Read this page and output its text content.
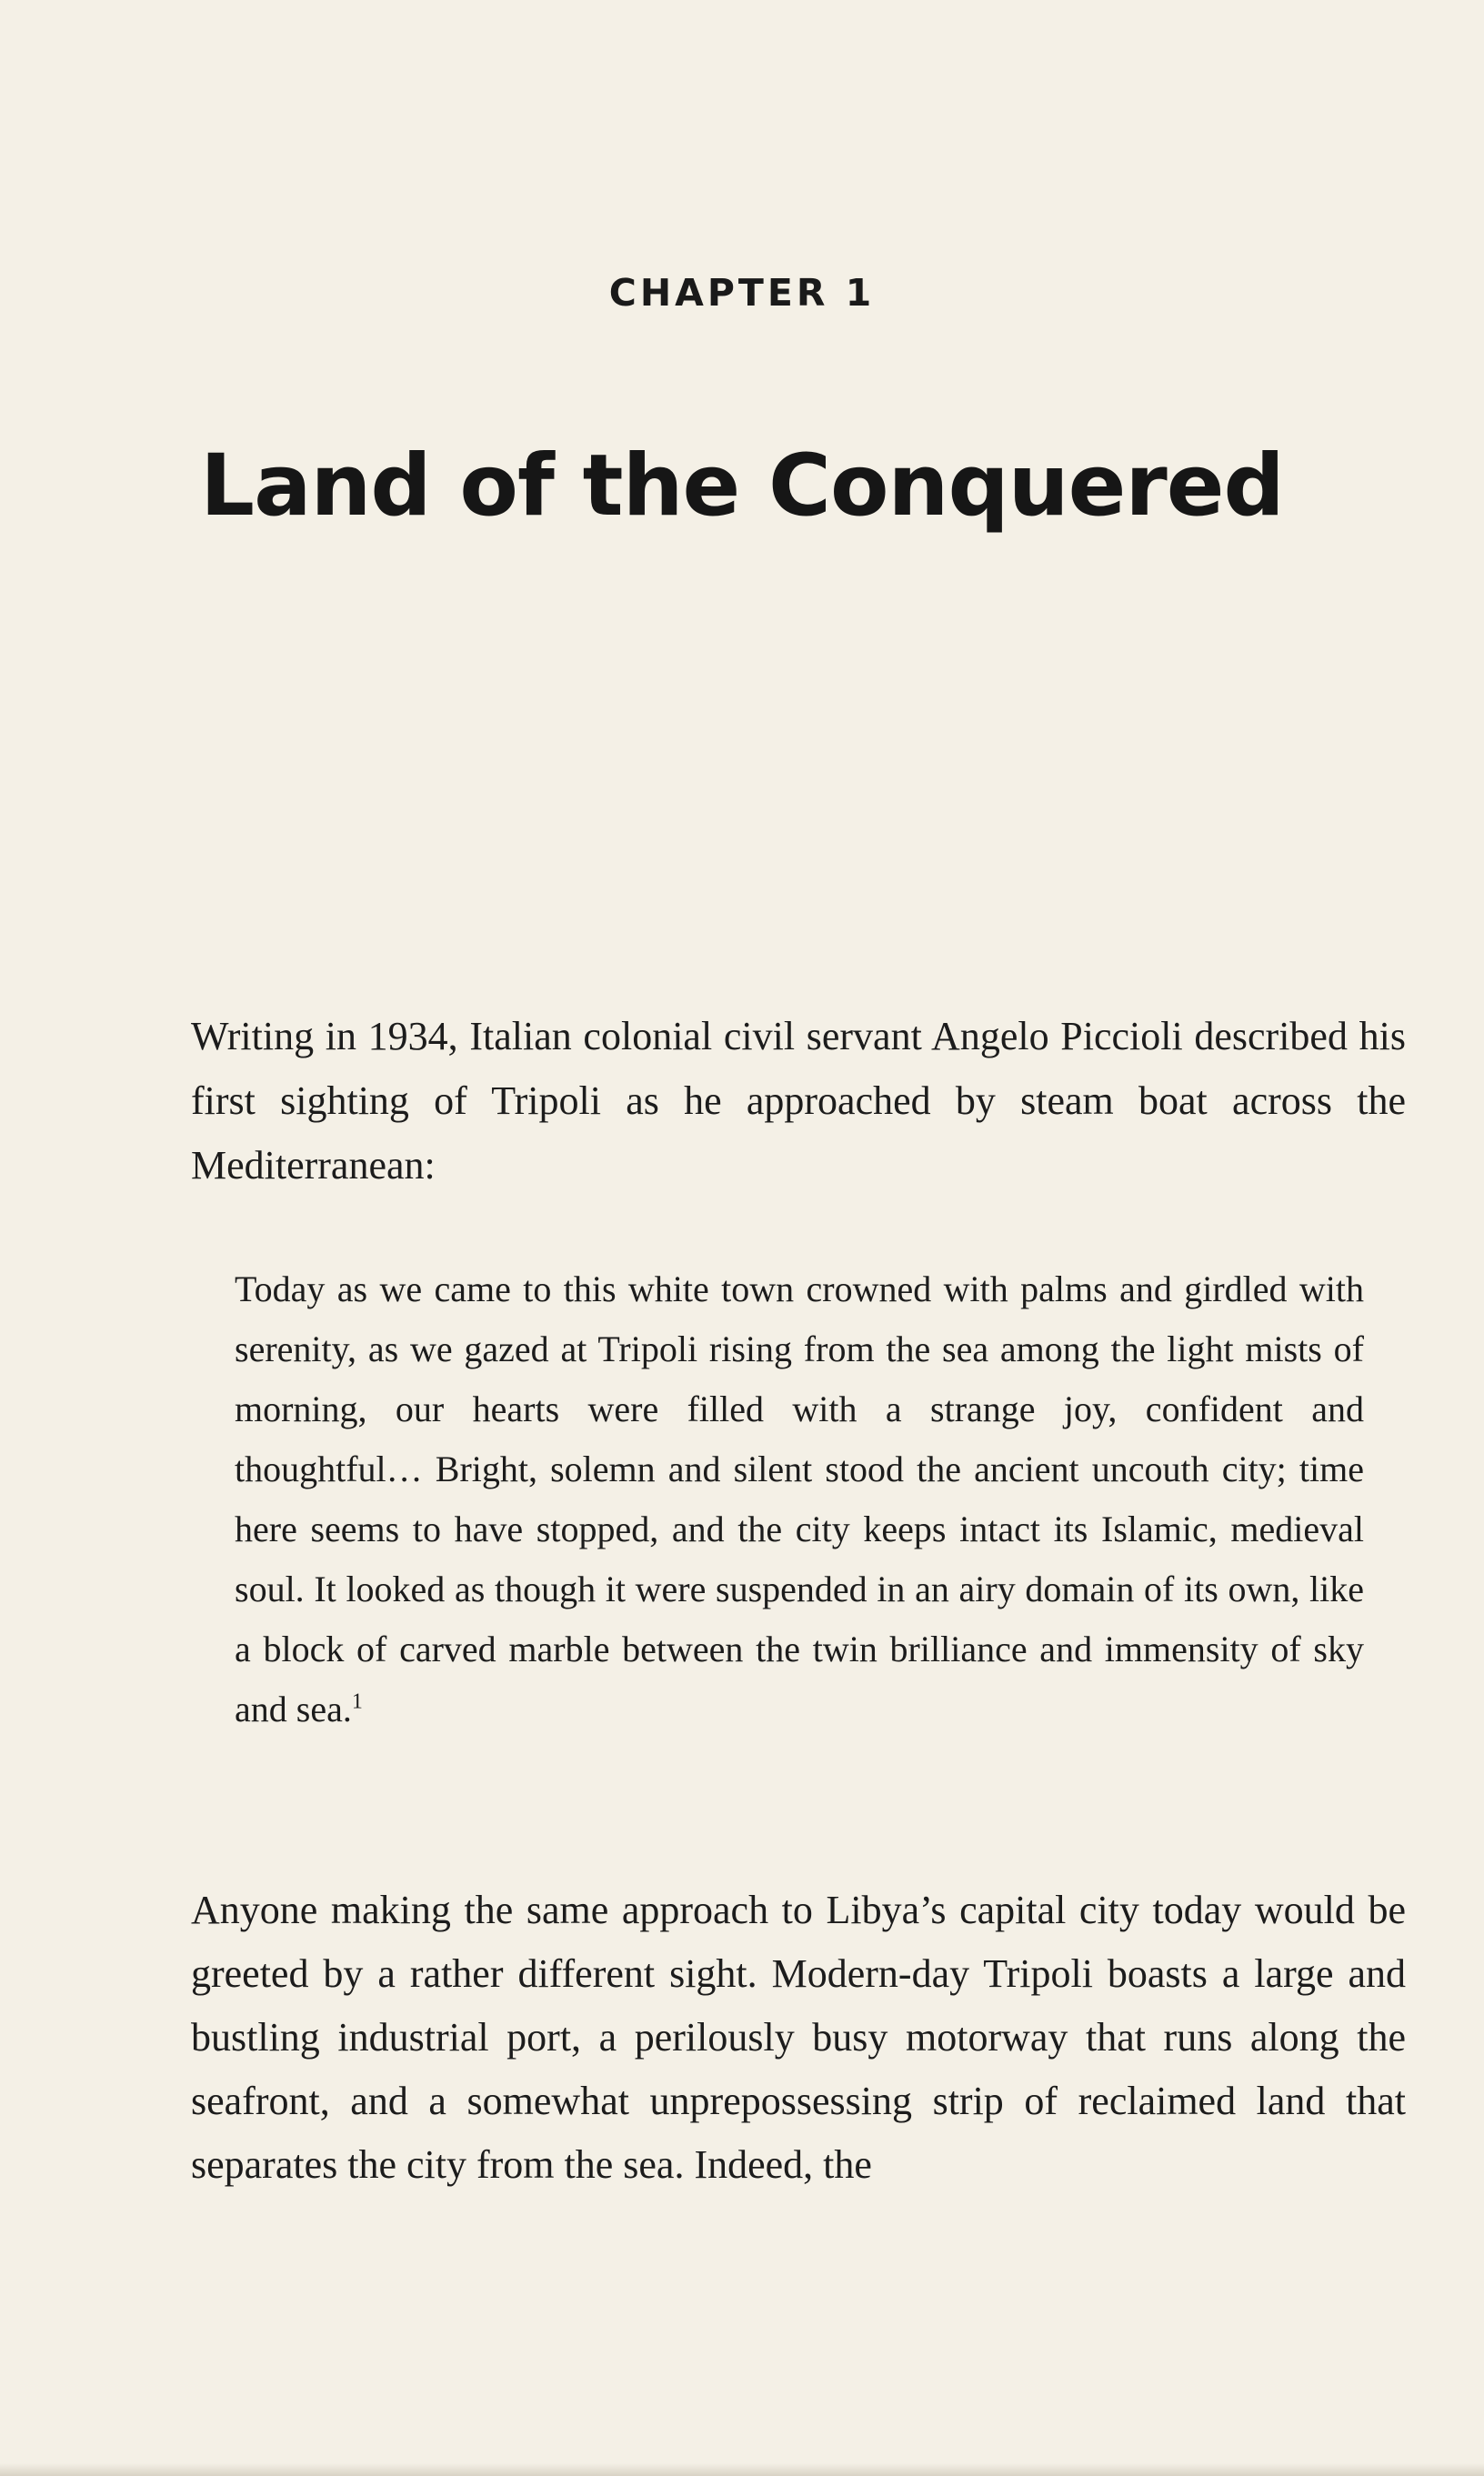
CHAPTER 1
Land of the Conquered

Writing in 1934, Italian colonial civil servant Angelo Piccioli described his first sighting of Tripoli as he approached by steam boat across the Mediterranean:

Today as we came to this white town crowned with palms and girdled with serenity, as we gazed at Tripoli rising from the sea among the light mists of morning, our hearts were filled with a strange joy, confident and thoughtful… Bright, solemn and silent stood the ancient uncouth city; time here seems to have stopped, and the city keeps intact its Islamic, medieval soul. It looked as though it were suspended in an airy domain of its own, like a block of carved marble between the twin brilliance and immensity of sky and sea.$^1$

Anyone making the same approach to Libya’s capital city today would be greeted by a rather different sight. Modern-day Tripoli boasts a large and bustling industrial port, a perilously busy motorway that runs along the seafront, and a somewhat unprepossessing strip of reclaimed land that separates the city from the sea. Indeed, the
